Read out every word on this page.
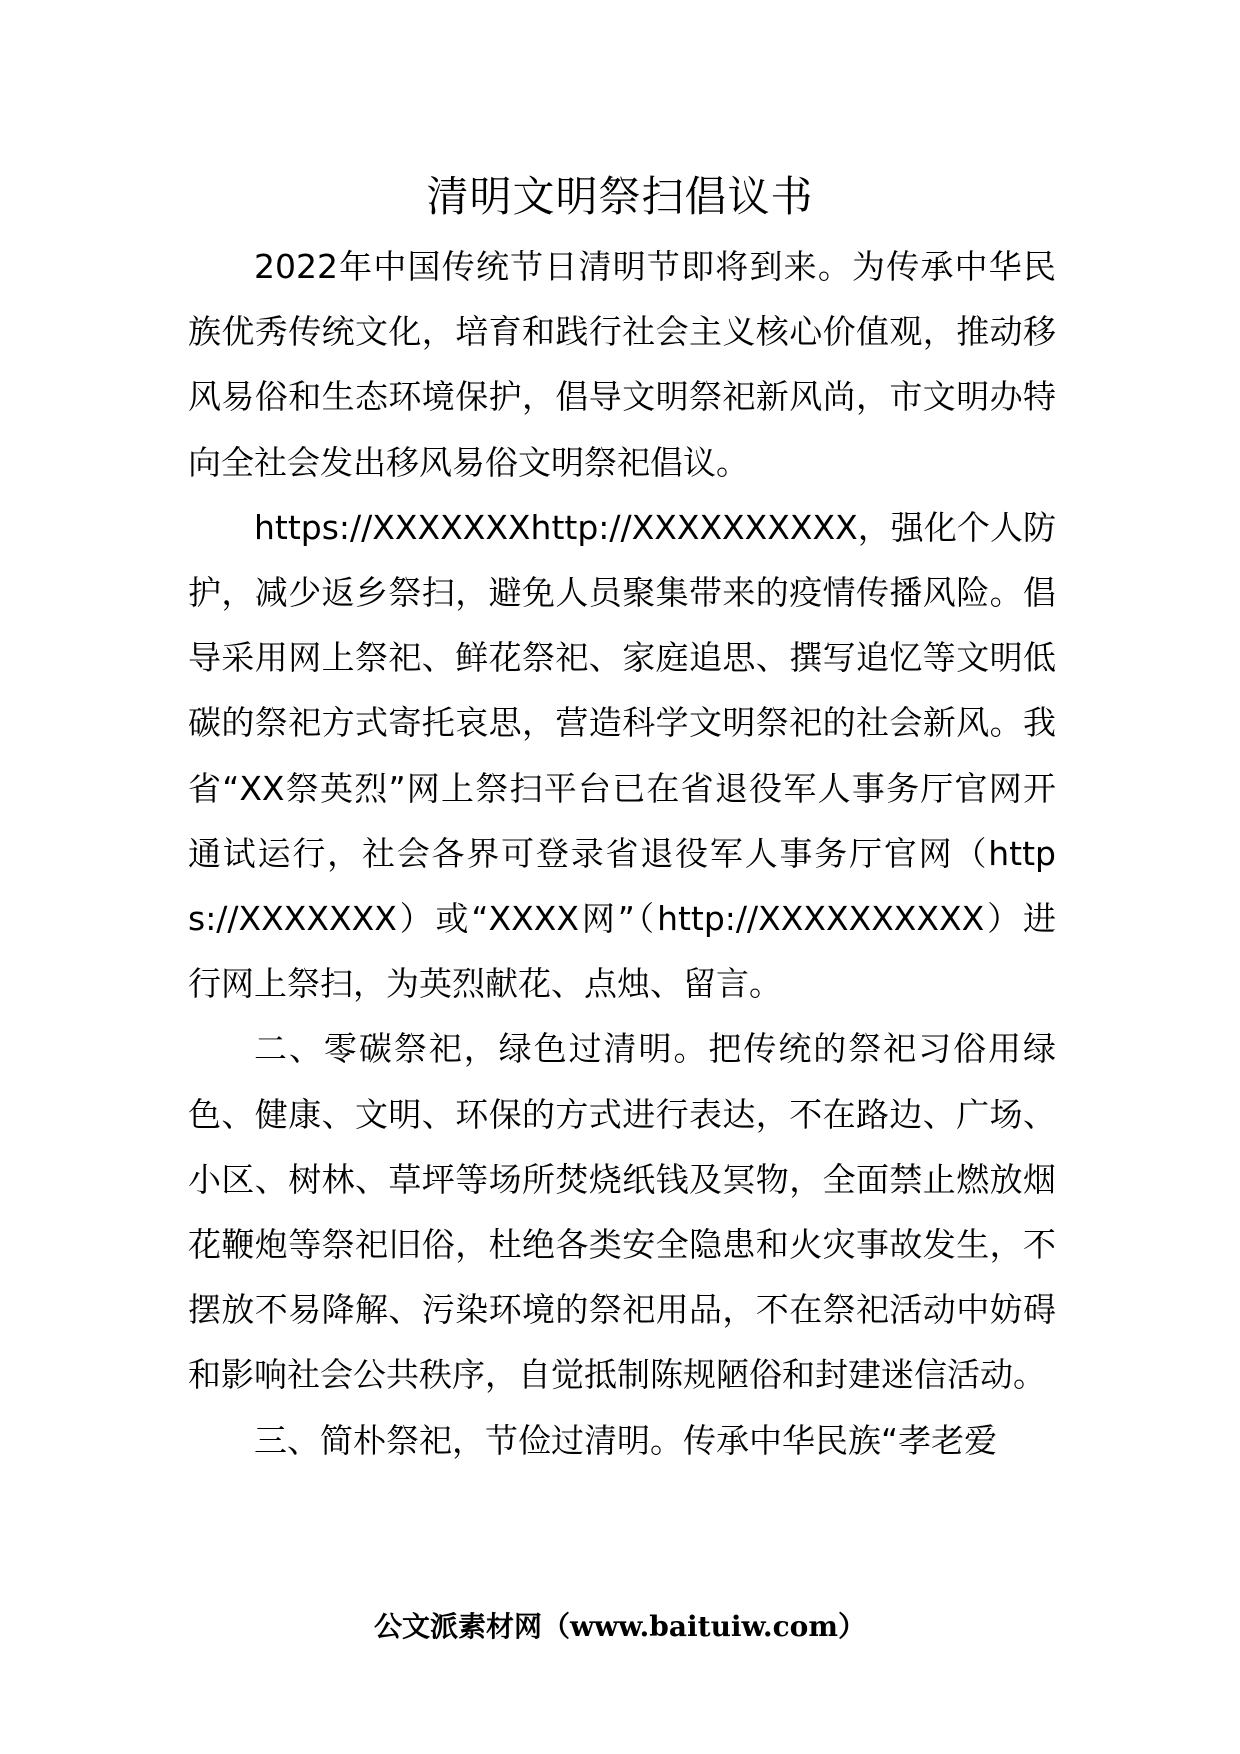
清明文明祭扫倡议书

2022年中国传统节日清明节即将到来。为传承中华民族优秀传统文化，培育和践行社会主义核心价值观，推动移风易俗和生态环境保护，倡导文明祭祀新风尚，市文明办特向全社会发出移风易俗文明祭祀倡议。

https://XXXXXXXhttp://XXXXXXXXXX，强化个人防护，减少返乡祭扫，避免人员聚集带来的疫情传播风险。倡导采用网上祭祀、鲜花祭祀、家庭追思、撰写追忆等文明低碳的祭祀方式寄托哀思，营造科学文明祭祀的社会新风。我省“XX祭英烈”网上祭扫平台已在省退役军人事务厅官网开通试运行，社会各界可登录省退役军人事务厅官网（https://XXXXXXX）或“XXXX网”（http://XXXXXXXXXX）进行网上祭扫，为英烈献花、点烛、留言。

二、零碳祭祀，绿色过清明。把传统的祭祀习俗用绿色、健康、文明、环保的方式进行表达，不在路边、广场、小区、树林、草坪等场所焚烧纸钱及冥物，全面禁止燃放烟花鞭炮等祭祀旧俗，杜绝各类安全隐患和火灾事故发生，不摆放不易降解、污染环境的祭祀用品，不在祭祀活动中妨碍和影响社会公共秩序，自觉抵制陈规陋俗和封建迷信活动。

三、简朴祭祀，节俭过清明。传承中华民族“孝老爱

公文派素材网（www.baituiw.com）
